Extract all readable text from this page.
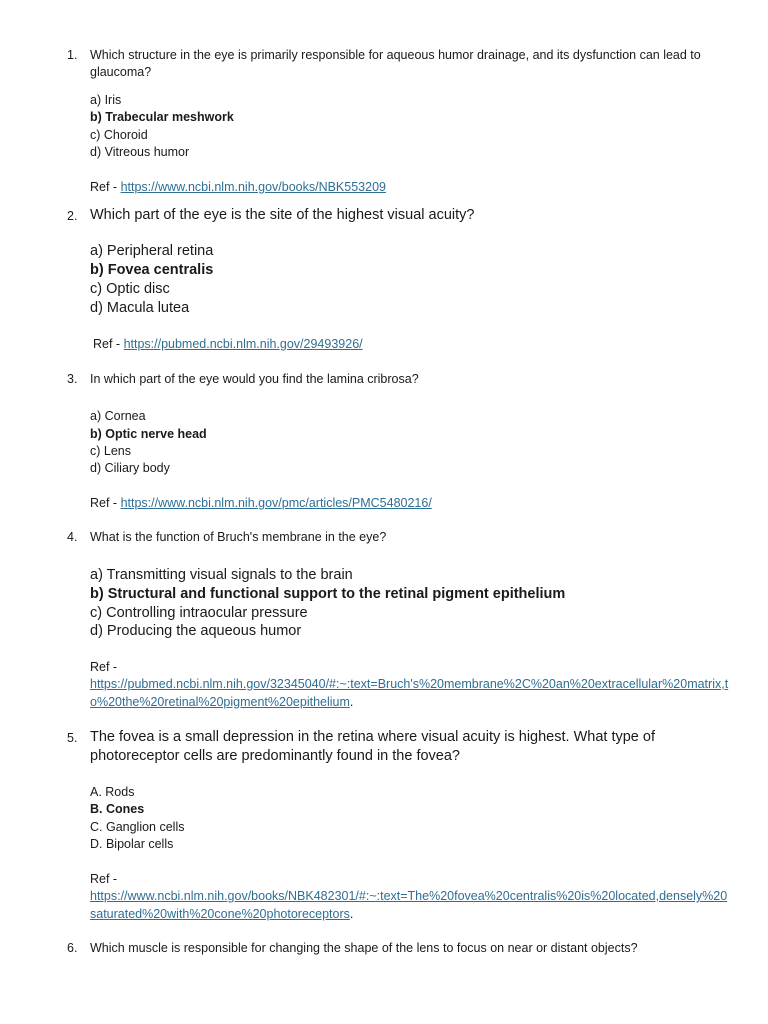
1. Which structure in the eye is primarily responsible for aqueous humor drainage, and its dysfunction can lead to glaucoma?
a) Iris
b) Trabecular meshwork
c) Choroid
d) Vitreous humor
Ref - https://www.ncbi.nlm.nih.gov/books/NBK553209
2. Which part of the eye is the site of the highest visual acuity?
a) Peripheral retina
b) Fovea centralis
c) Optic disc
d) Macula lutea
Ref - https://pubmed.ncbi.nlm.nih.gov/29493926/
3. In which part of the eye would you find the lamina cribrosa?
a) Cornea
b) Optic nerve head
c) Lens
d) Ciliary body
Ref - https://www.ncbi.nlm.nih.gov/pmc/articles/PMC5480216/
4. What is the function of Bruch's membrane in the eye?
a) Transmitting visual signals to the brain
b) Structural and functional support to the retinal pigment epithelium
c) Controlling intraocular pressure
d) Producing the aqueous humor
Ref -
https://pubmed.ncbi.nlm.nih.gov/32345040/#:~:text=Bruch's%20membrane%2C%20an%20extracellular%20matrix,to%20the%20retinal%20pigment%20epithelium.
5. The fovea is a small depression in the retina where visual acuity is highest. What type of photoreceptor cells are predominantly found in the fovea?
A. Rods
B. Cones
C. Ganglion cells
D. Bipolar cells
Ref -
https://www.ncbi.nlm.nih.gov/books/NBK482301/#:~:text=The%20fovea%20centralis%20is%20located,densely%20saturated%20with%20cone%20photoreceptors.
6. Which muscle is responsible for changing the shape of the lens to focus on near or distant objects?
